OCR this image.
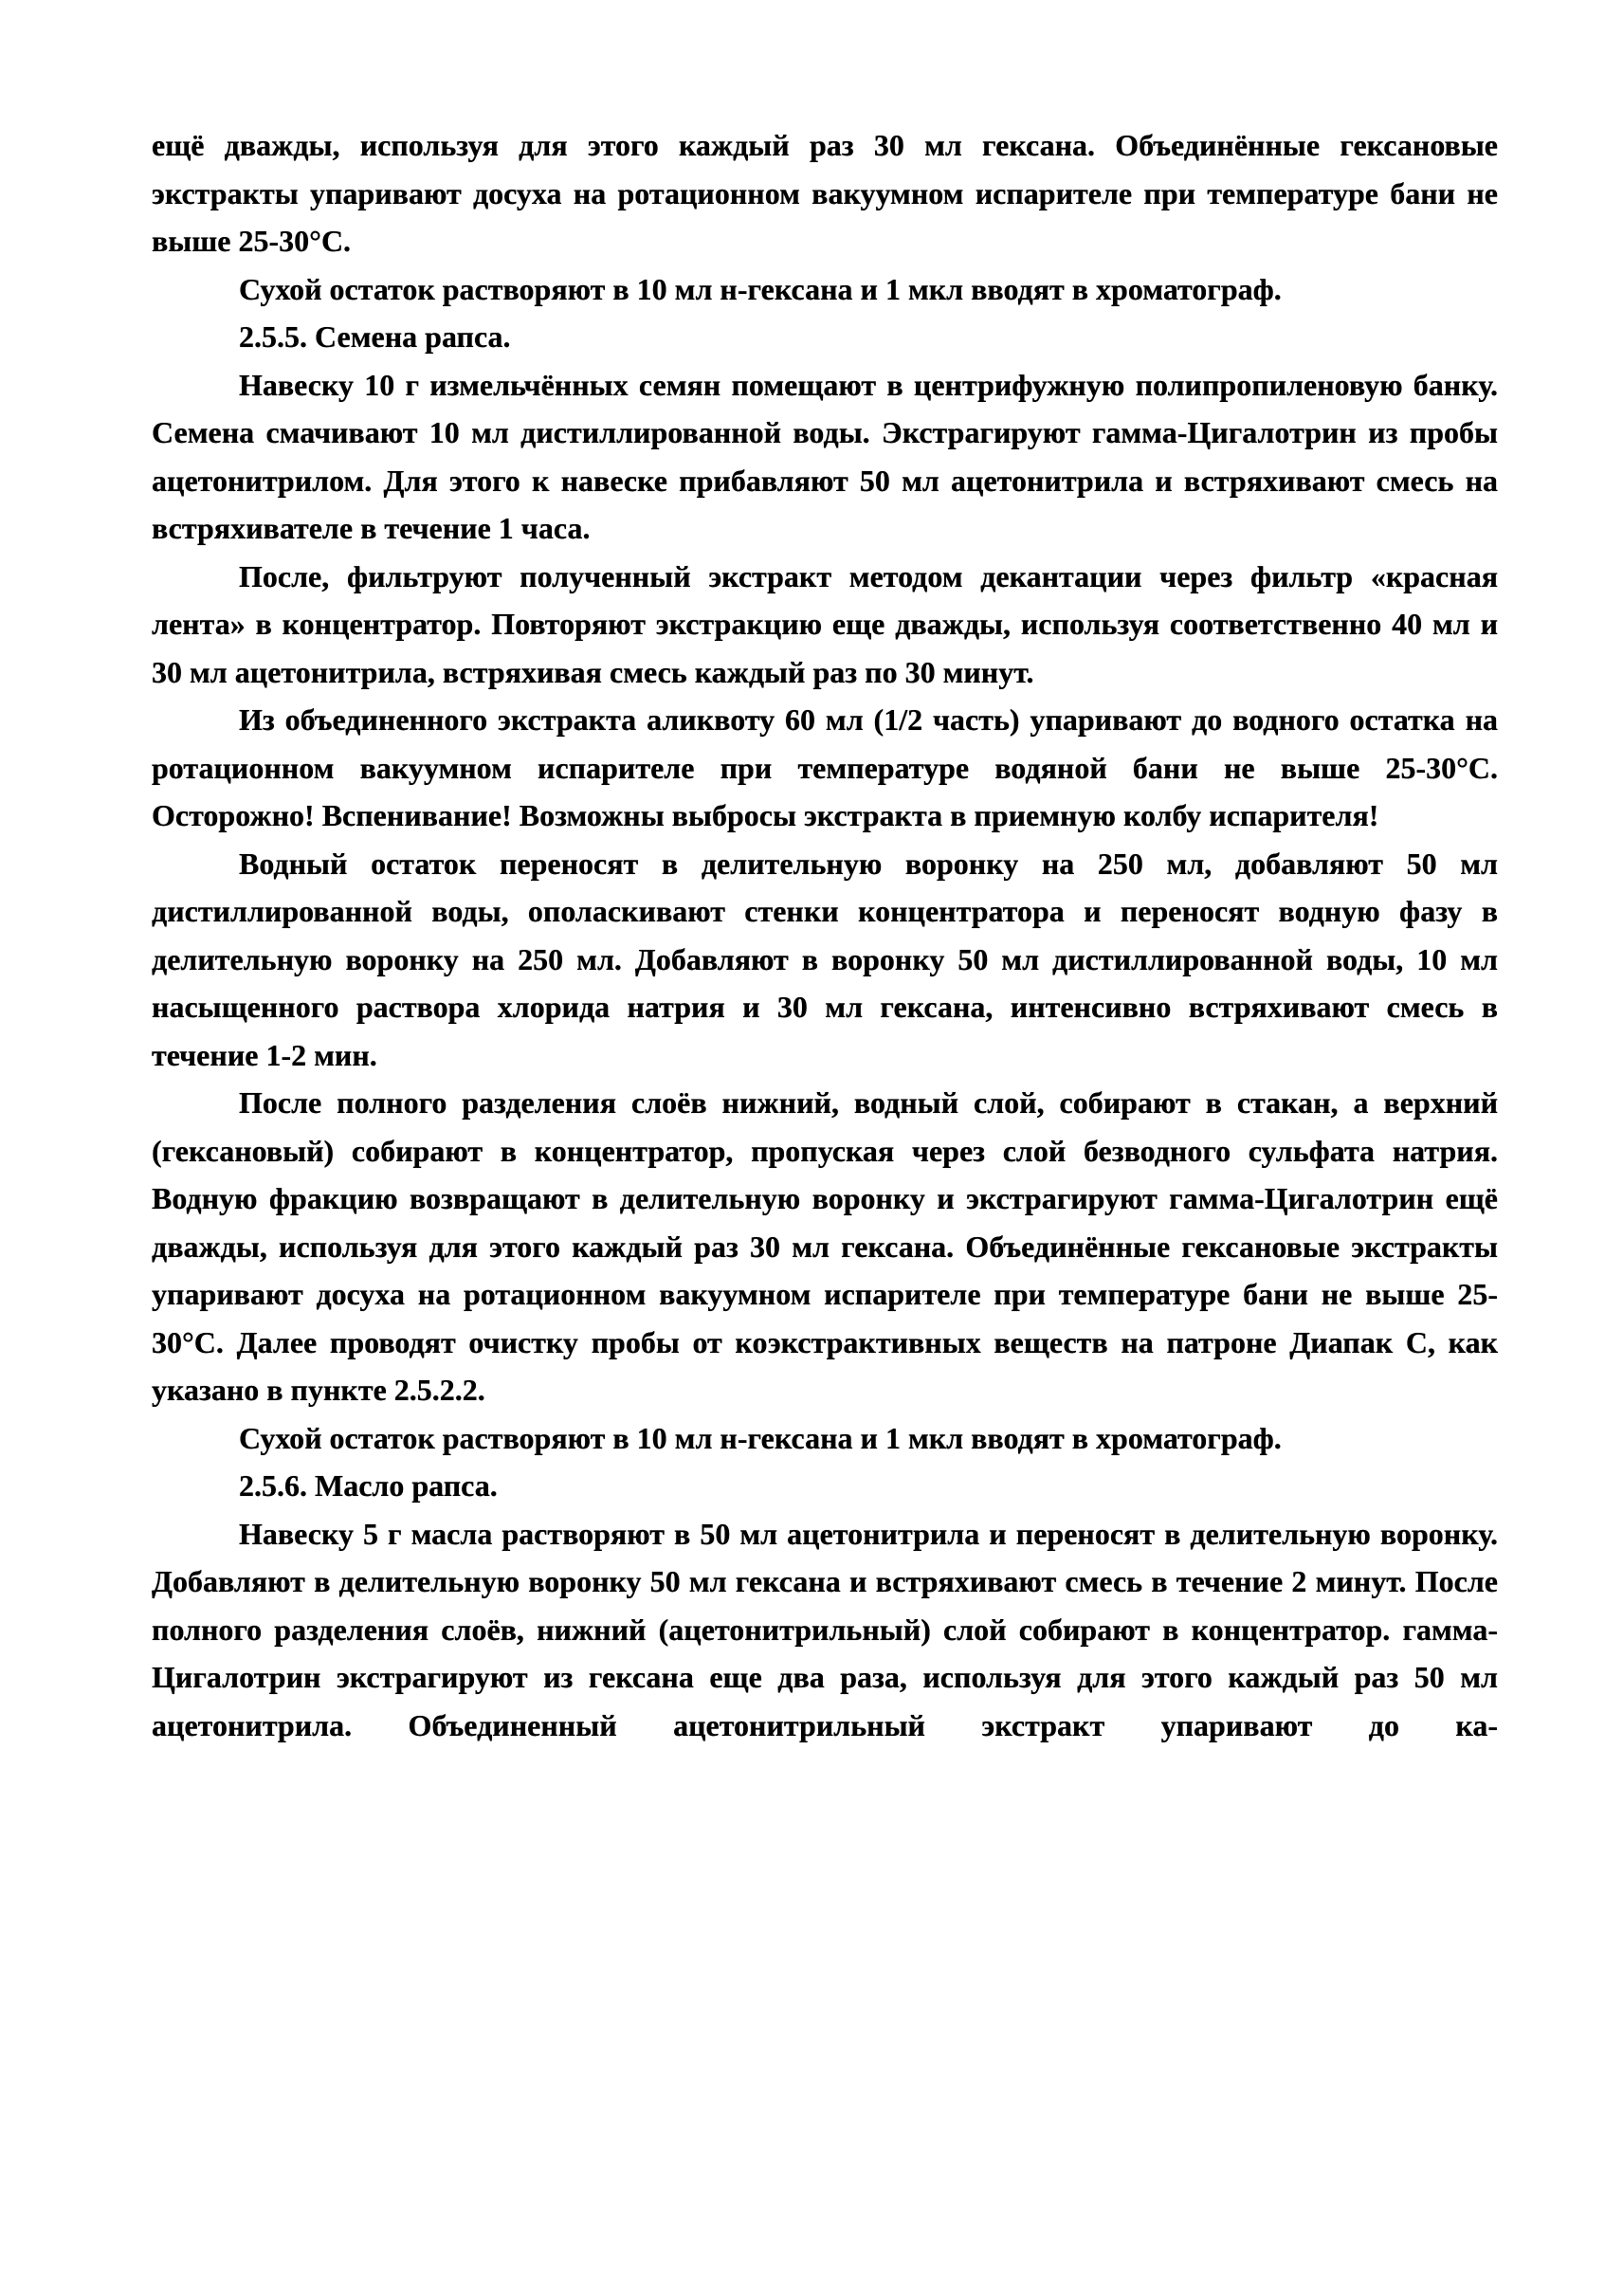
ещё дважды, используя для этого каждый раз 30 мл гексана. Объединённые гексановые экстракты упаривают досуха на ротационном вакуумном испарителе при температуре бани не выше 25-30°С.

Сухой остаток растворяют в 10 мл н-гексана и 1 мкл вводят в хроматограф.

2.5.5. Семена рапса.

Навеску 10 г измельчённых семян помещают в центрифужную полипропиленовую банку. Семена смачивают 10 мл дистиллированной воды. Экстрагируют гамма-Цигалотрин из пробы ацетонитрилом. Для этого к навеске прибавляют 50 мл ацетонитрила и встряхивают смесь на встряхивателе в течение 1 часа.

После, фильтруют полученный экстракт методом декантации через фильтр «красная лента» в концентратор. Повторяют экстракцию еще дважды, используя соответственно 40 мл и 30 мл ацетонитрила, встряхивая смесь каждый раз по 30 минут.

Из объединенного экстракта аликвоту 60 мл (1/2 часть) упаривают до водного остатка на ротационном вакуумном испарителе при температуре водяной бани не выше 25-30°С. Осторожно! Вспенивание! Возможны выбросы экстракта в приемную колбу испарителя!

Водный остаток переносят в делительную воронку на 250 мл, добавляют 50 мл дистиллированной воды, ополаскивают стенки концентратора и переносят водную фазу в делительную воронку на 250 мл. Добавляют в воронку 50 мл дистиллированной воды, 10 мл насыщенного раствора хлорида натрия и 30 мл гексана, интенсивно встряхивают смесь в течение 1-2 мин.

После полного разделения слоёв нижний, водный слой, собирают в стакан, а верхний (гексановый) собирают в концентратор, пропуская через слой безводного сульфата натрия. Водную фракцию возвращают в делительную воронку и экстрагируют гамма-Цигалотрин ещё дважды, используя для этого каждый раз 30 мл гексана. Объединённые гексановые экстракты упаривают досуха на ротационном вакуумном испарителе при температуре бани не выше 25-30°С. Далее проводят очистку пробы от коэкстрактивных веществ на патроне Диапак С, как указано в пункте 2.5.2.2.

Сухой остаток растворяют в 10 мл н-гексана и 1 мкл вводят в хроматограф.

2.5.6. Масло рапса.

Навеску 5 г масла растворяют в 50 мл ацетонитрила и переносят в делительную воронку. Добавляют в делительную воронку 50 мл гексана и встряхивают смесь в течение 2 минут. После полного разделения слоёв, нижний (ацетонитрильный) слой собирают в концентратор. гамма-Цигалотрин экстрагируют из гексана еще два раза, используя для этого каждый раз 50 мл ацетонитрила. Объединенный ацетонитрильный экстракт упаривают до ка-
